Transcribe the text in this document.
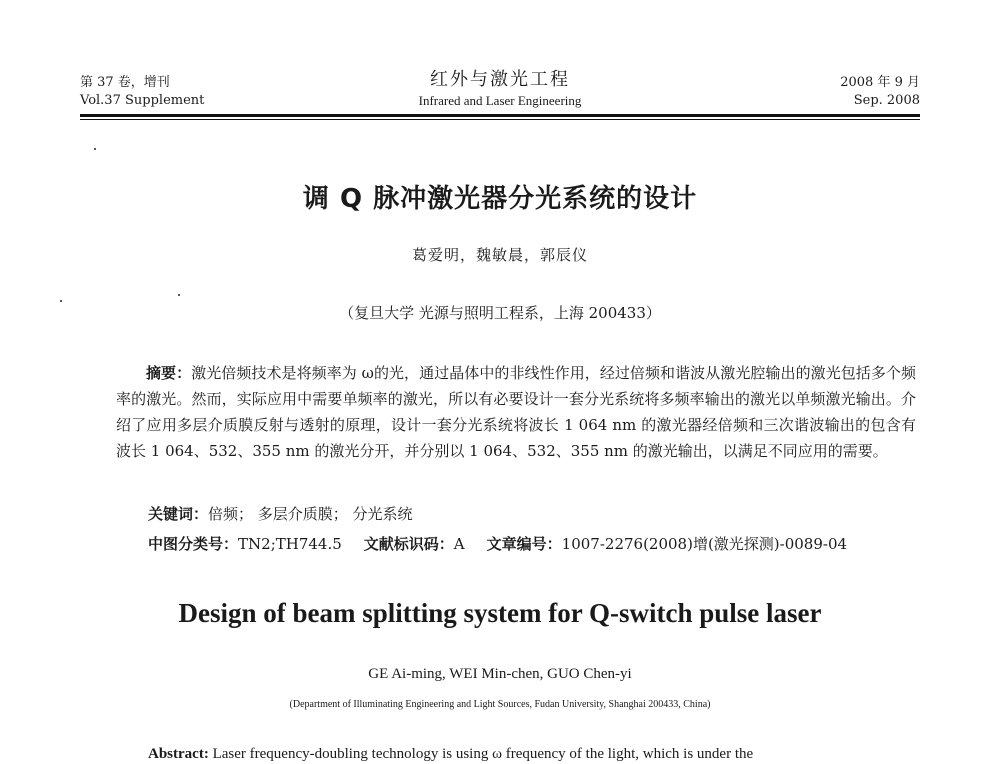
第 37 卷，增刊
Vol.37 Supplement
红外与激光工程
Infrared and Laser Engineering
2008 年 9 月
Sep. 2008
调 Q 脉冲激光器分光系统的设计
葛爱明，魏敏晨，郭辰仪
（复旦大学 光源与照明工程系，上海 200433）
摘要：激光倍频技术是将频率为 ω的光，通过晶体中的非线性作用，经过倍频和谐波从激光腔输出的激光包括多个频率的激光。然而，实际应用中需要单频率的激光，所以有必要设计一套分光系统将多频率输出的激光以单频激光输出。介绍了应用多层介质膜反射与透射的原理，设计一套分光系统将波长 1 064 nm 的激光器经倍频和三次谐波输出的包含有波长 1 064、532、355 nm 的激光分开，并分别以 1 064、532、355 nm 的激光输出，以满足不同应用的需要。
关键词：倍频； 多层介质膜； 分光系统
中图分类号：TN2;TH744.5 文献标识码：A 文章编号：1007-2276(2008)增(激光探测)-0089-04
Design of beam splitting system for Q-switch pulse laser
GE Ai-ming, WEI Min-chen, GUO Chen-yi
(Department of Illuminating Engineering and Light Sources, Fudan University, Shanghai 200433, China)
Abstract: Laser frequency-doubling technology is using ω frequency of the light, which is under the
